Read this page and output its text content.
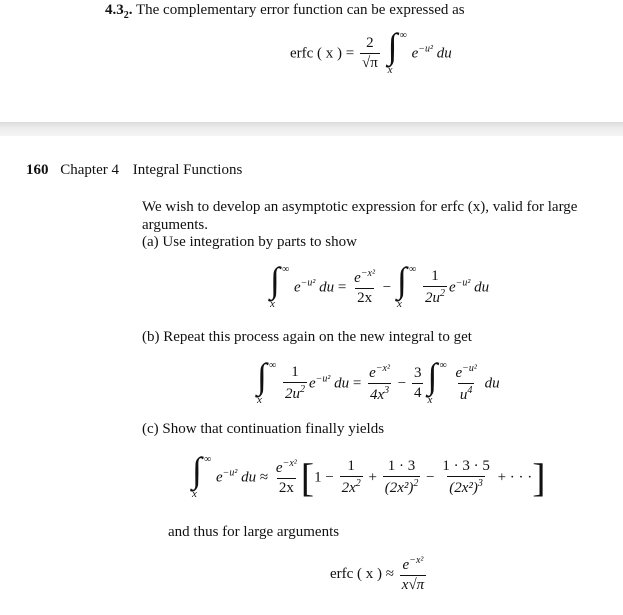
$4.3_2$. The complementary error function can be expressed as
erfc ( x ) = $\frac{2}{√\pi}$
∫ ∞
x
$e^{-u^2}$ du
160 Chapter 4 Integral Functions
We wish to develop an asymptotic expression for erfc (x), valid for large
arguments.
(a) Use integration by parts to show
∫ ∞
x
$e^{-u^2}$ du = $\frac{e^{-x^2}}{2x}$ − ∫ ∞
x $\frac{1}{2u^2} e^{-u^2}$ du
(b) Repeat this process again on the new integral to get
∫ ∞
x $\frac{1}{2u^2} e^{-u^2}$ du = $\frac{e^{-x^2}}{4x^3} - \frac{3}{4}$ ∫ ∞
x $\frac{e^{-u^2}}{u^4}$ du
(c) Show that continuation finally yields
∫ ∞
x
$e^{-u^2}$ du ≈ $\frac{e^{-x^2}}{2x} [1 - \frac{1}{2x^2} + \frac{1 \cdot 3}{(2x^2)^2} - \frac{1 \cdot 3 \cdot 5}{(2x^2)^3}$ + · · ·]
and thus for large arguments
erfc ( x ) ≈ $\frac{e^{-x^2}}{x√\pi}$
